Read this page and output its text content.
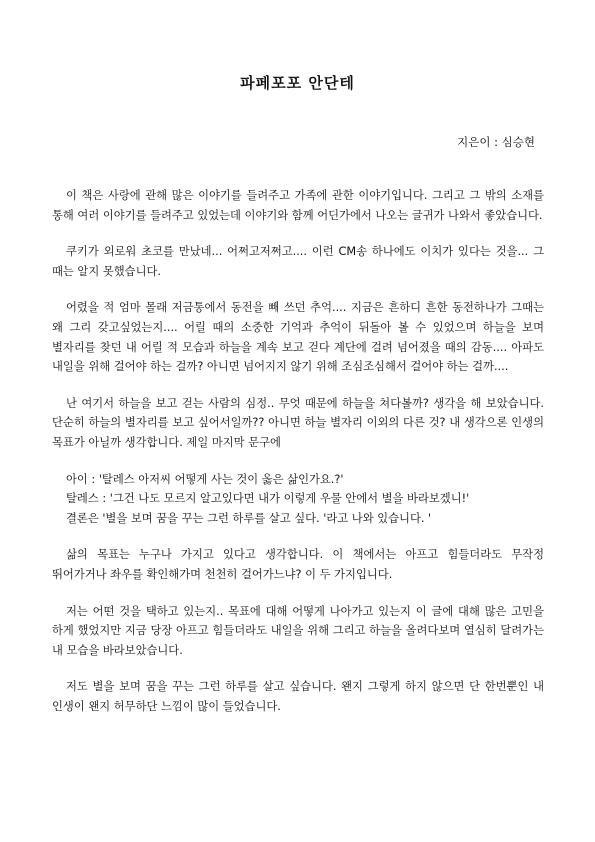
파페포포 안단테
지은이 : 심승현

이 책은 사랑에 관해 많은 이야기를 들려주고 가족에 관한 이야기입니다. 그리고 그 밖의 소재를 통해 여러 이야기를 들려주고 있었는데 이야기와 함께 어딘가에서 나오는 글귀가 나와서 좋았습니다.

쿠키가 외로워 초코를 만났네... 어쩌고저쩌고.... 이런 CM송 하나에도 이치가 있다는 것을... 그 때는 알지 못했습니다.

어렸을 적 엄마 몰래 저금통에서 동전을 빼 쓰던 추억.... 지금은 흔하디 흔한 동전하나가 그때는 왜 그리 갖고싶었는지.... 어릴 때의 소중한 기억과 추억이 뒤돌아 볼 수 있었으며 하늘을 보며 별자리를 찾던 내 어릴 적 모습과 하늘을 계속 보고 걷다 계단에 걸려 넘어졌을 때의 감동.... 아파도 내일을 위해 걸어야 하는 걸까? 아니면 넘어지지 않기 위해 조심조심해서 걸어야 하는 걸까....

난 여기서 하늘을 보고 걷는 사람의 심정.. 무엇 때문에 하늘을 쳐다볼까? 생각을 해 보았습니다. 단순히 하늘의 별자리를 보고 싶어서일까?? 아니면 하늘 별자리 이외의 다른 것? 내 생각으론 인생의 목표가 아닐까 생각합니다. 제일 마지막 문구에

아이 : '탈레스 아저씨 어떻게 사는 것이 옳은 삶인가요.?'
탈레스 : '그건 나도 모르지 알고있다면 내가 이렇게 우물 안에서 별을 바라보겠니!'
결론은 '별을 보며 꿈을 꾸는 그런 하루를 살고 싶다. '라고 나와 있습니다. '

삶의 목표는 누구나 가지고 있다고 생각합니다. 이 책에서는 아프고 힘들더라도 무작정 뛰어가거나 좌우를 확인해가며 천천히 걸어가느냐? 이 두 가지입니다.

저는 어떤 것을 택하고 있는지.. 목표에 대해 어떻게 나아가고 있는지 이 글에 대해 많은 고민을 하게 했었지만 지금 당장 아프고 힘들더라도 내일을 위해 그리고 하늘을 올려다보며 열심히 달려가는 내 모습을 바라보았습니다.

저도 별을 보며 꿈을 꾸는 그런 하루를 살고 싶습니다. 왠지 그렇게 하지 않으면 단 한번뿐인 내 인생이 왠지 허무하단 느낌이 많이 들었습니다.
